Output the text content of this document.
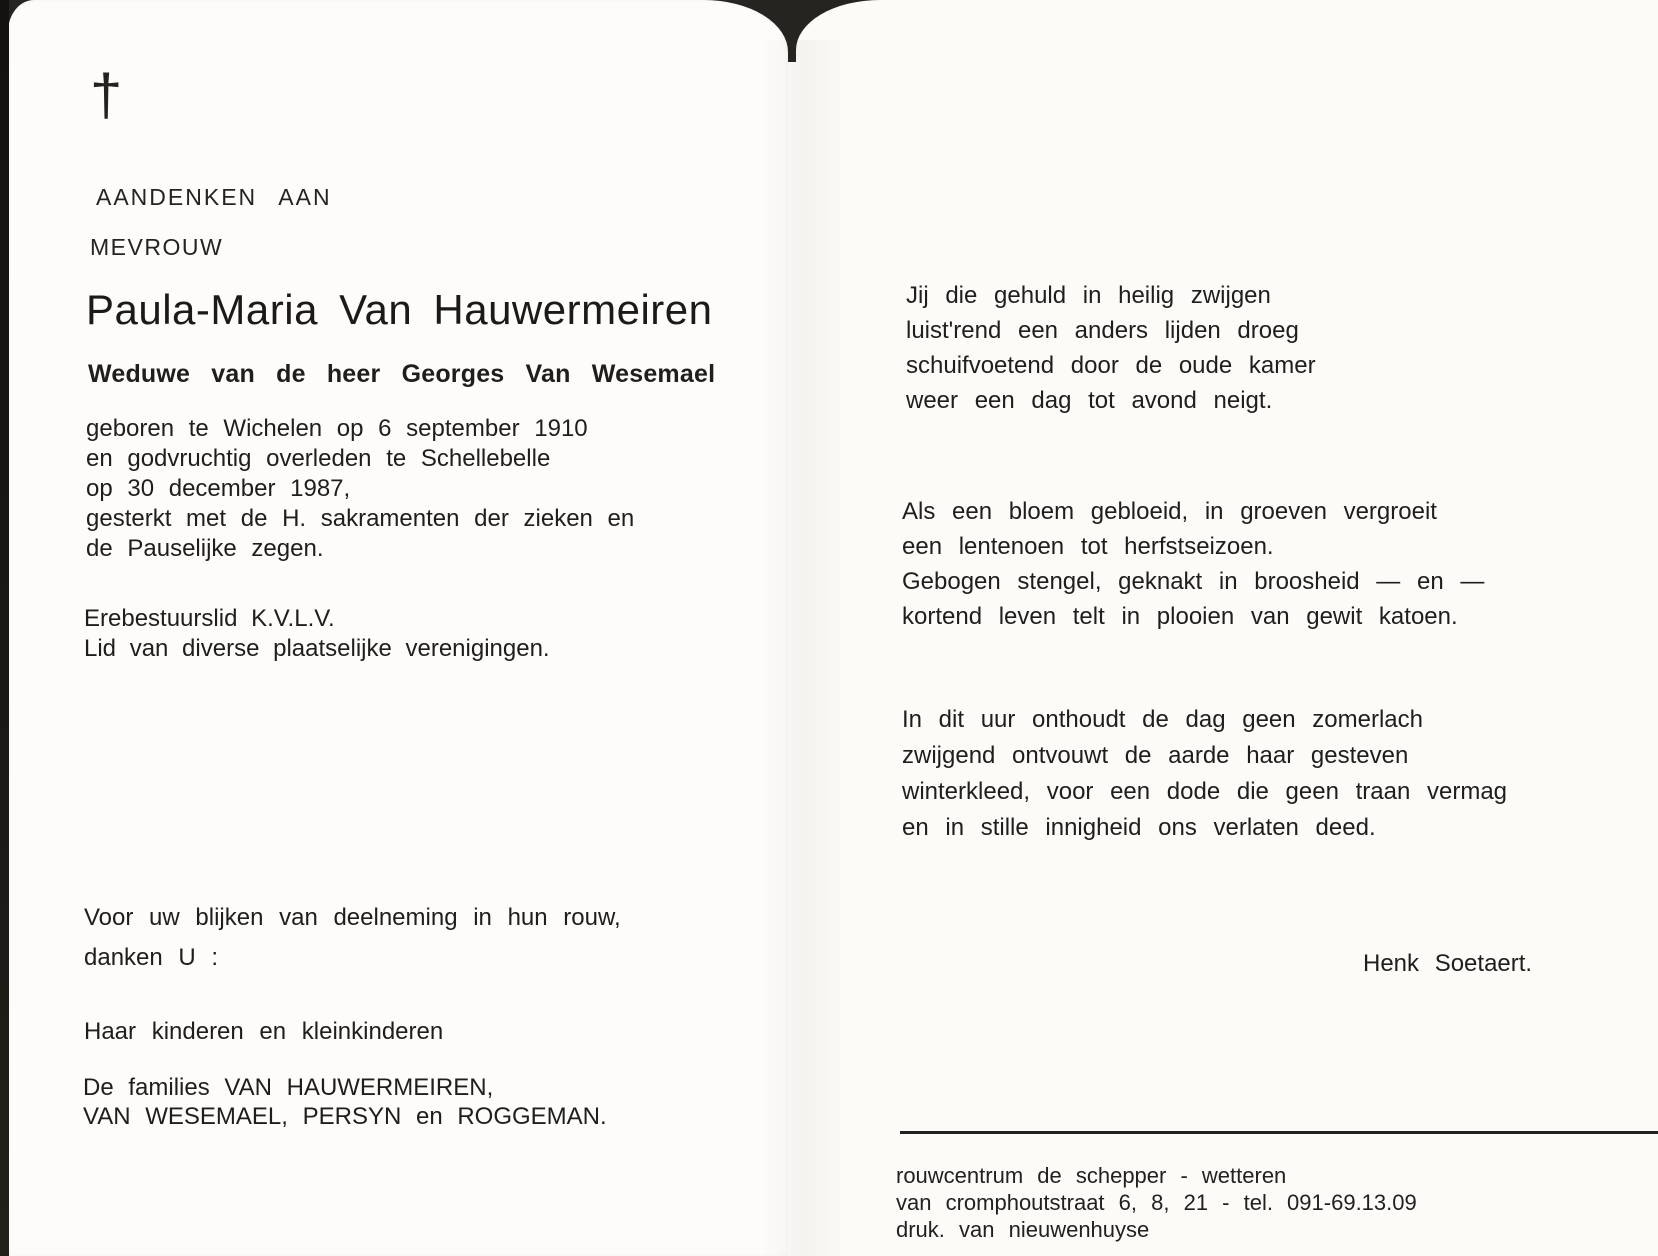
†
AANDENKEN AAN
MEVROUW
Paula-Maria Van Hauwermeiren
Weduwe van de heer Georges Van Wesemael
geboren te Wichelen op 6 september 1910
en godvruchtig overleden te Schellebelle
op 30 december 1987,
gesterkt met de H. sakramenten der zieken en
de Pauselijke zegen.
Erebestuurslid K.V.L.V.
Lid van diverse plaatselijke verenigingen.
Voor uw blijken van deelneming in hun rouw,
danken U :
Haar kinderen en kleinkinderen
De families VAN HAUWERMEIREN,
VAN WESEMAEL, PERSYN en ROGGEMAN.
Jij die gehuld in heilig zwijgen
luist'rend een anders lijden droeg
schuifvoetend door de oude kamer
weer een dag tot avond neigt.
Als een bloem gebloeid, in groeven vergroeit
een lentenoen tot herfstseizoen.
Gebogen stengel, geknakt in broosheid — en —
kortend leven telt in plooien van gewit katoen.
In dit uur onthoudt de dag geen zomerlach
zwijgend ontvouwt de aarde haar gesteven
winterkleed, voor een dode die geen traan vermag
en in stille innigheid ons verlaten deed.
Henk Soetaert.
rouwcentrum de schepper - wetteren
van cromphoutstraat 6, 8, 21 - tel. 091-69.13.09
druk. van nieuwenhuyse
